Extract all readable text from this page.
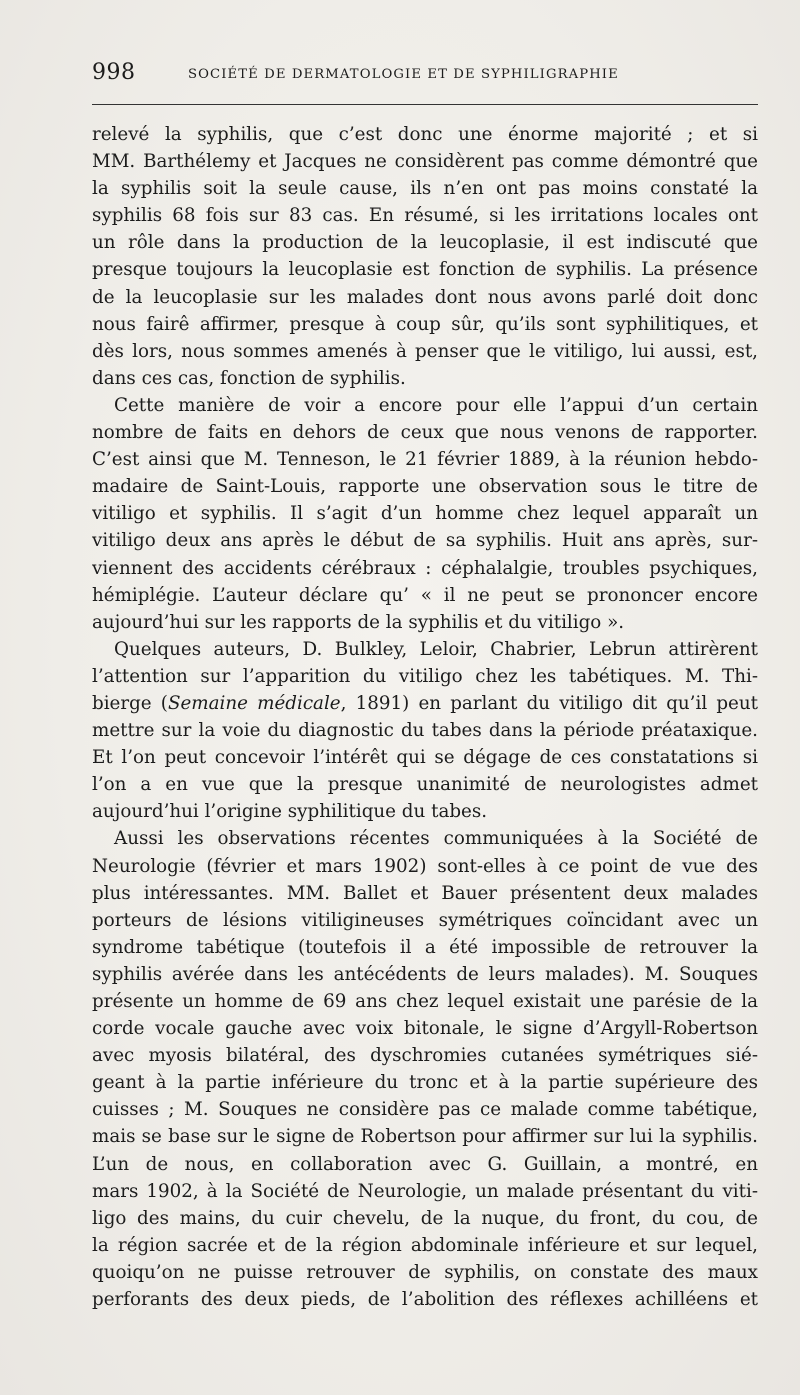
998	SOCIÉTÉ DE DERMATOLOGIE ET DE SYPHILIGRAPHIE
relevé la syphilis, que c’est donc une énorme majorité ; et si
MM. Barthélemy et Jacques ne considèrent pas comme démontré que
la syphilis soit la seule cause, ils n’en ont pas moins constaté la
syphilis 68 fois sur 83 cas. En résumé, si les irritations locales ont
un rôle dans la production de la leucoplasie, il est indiscuté que
presque toujours la leucoplasie est fonction de syphilis. La présence
de la leucoplasie sur les malades dont nous avons parlé doit donc
nous fairê affirmer, presque à coup sûr, qu’ils sont syphilitiques, et
dès lors, nous sommes amenés à penser que le vitiligo, lui aussi, est,
dans ces cas, fonction de syphilis.
Cette manière de voir a encore pour elle l’appui d’un certain
nombre de faits en dehors de ceux que nous venons de rapporter.
C’est ainsi que M. Tenneson, le 21 février 1889, à la réunion hebdo-
madaire de Saint-Louis, rapporte une observation sous le titre de
vitiligo et syphilis. Il s’agit d’un homme chez lequel apparaît un
vitiligo deux ans après le début de sa syphilis. Huit ans après, sur-
viennent des accidents cérébraux : céphalalgie, troubles psychiques,
hémiplégie. L’auteur déclare qu’ « il ne peut se prononcer encore
aujourd’hui sur les rapports de la syphilis et du vitiligo ».
Quelques auteurs, D. Bulkley, Leloir, Chabrier, Lebrun attirèrent
l’attention sur l’apparition du vitiligo chez les tabétiques. M. Thi-
bierge (Semaine médicale, 1891) en parlant du vitiligo dit qu’il peut
mettre sur la voie du diagnostic du tabes dans la période préataxique.
Et l’on peut concevoir l’intérêt qui se dégage de ces constatations si
l’on a en vue que la presque unanimité de neurologistes admet
aujourd’hui l’origine syphilitique du tabes.
Aussi les observations récentes communiquées à la Société de
Neurologie (février et mars 1902) sont-elles à ce point de vue des
plus intéressantes. MM. Ballet et Bauer présentent deux malades
porteurs de lésions vitiligineuses symétriques coïncidant avec un
syndrome tabétique (toutefois il a été impossible de retrouver la
syphilis avérée dans les antécédents de leurs malades). M. Souques
présente un homme de 69 ans chez lequel existait une parésie de la
corde vocale gauche avec voix bitonale, le signe d’Argyll-Robertson
avec myosis bilatéral, des dyschromies cutanées symétriques sié-
geant à la partie inférieure du tronc et à la partie supérieure des
cuisses ; M. Souques ne considère pas ce malade comme tabétique,
mais se base sur le signe de Robertson pour affirmer sur lui la syphilis.
L’un de nous, en collaboration avec G. Guillain, a montré, en
mars 1902, à la Société de Neurologie, un malade présentant du viti-
ligo des mains, du cuir chevelu, de la nuque, du front, du cou, de
la région sacrée et de la région abdominale inférieure et sur lequel,
quoiqu’on ne puisse retrouver de syphilis, on constate des maux
perforants des deux pieds, de l’abolition des réflexes achilléens et
